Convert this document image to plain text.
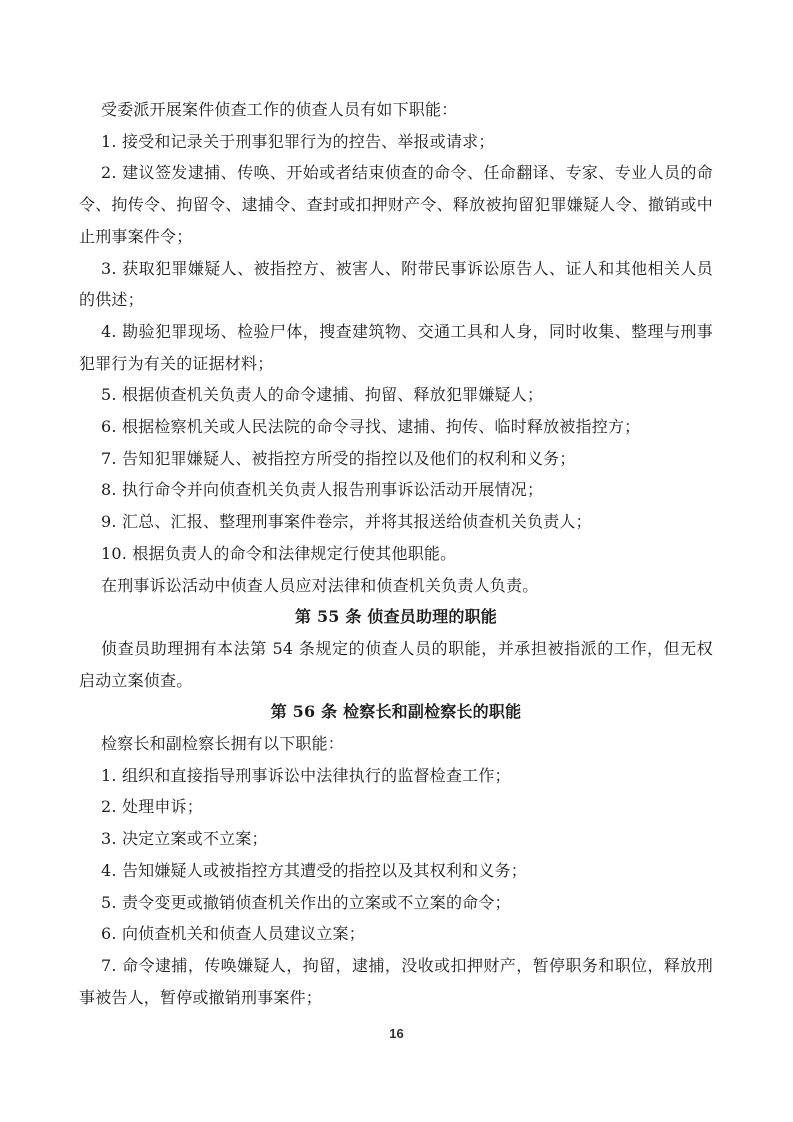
受委派开展案件侦查工作的侦查人员有如下职能：

1. 接受和记录关于刑事犯罪行为的控告、举报或请求；

2. 建议签发逮捕、传唤、开始或者结束侦查的命令、任命翻译、专家、专业人员的命令、拘传令、拘留令、逮捕令、查封或扣押财产令、释放被拘留犯罪嫌疑人令、撤销或中止刑事案件令；

3. 获取犯罪嫌疑人、被指控方、被害人、附带民事诉讼原告人、证人和其他相关人员的供述；

4. 勘验犯罪现场、检验尸体，搜查建筑物、交通工具和人身，同时收集、整理与刑事犯罪行为有关的证据材料；

5. 根据侦查机关负责人的命令逮捕、拘留、释放犯罪嫌疑人；

6. 根据检察机关或人民法院的命令寻找、逮捕、拘传、临时释放被指控方；

7. 告知犯罪嫌疑人、被指控方所受的指控以及他们的权利和义务；

8. 执行命令并向侦查机关负责人报告刑事诉讼活动开展情况；

9. 汇总、汇报、整理刑事案件卷宗，并将其报送给侦查机关负责人；

10. 根据负责人的命令和法律规定行使其他职能。

在刑事诉讼活动中侦查人员应对法律和侦查机关负责人负责。

第 55 条 侦查员助理的职能

侦查员助理拥有本法第 54 条规定的侦查人员的职能，并承担被指派的工作，但无权启动立案侦查。

第 56 条 检察长和副检察长的职能

检察长和副检察长拥有以下职能：

1. 组织和直接指导刑事诉讼中法律执行的监督检查工作；

2. 处理申诉；

3. 决定立案或不立案；

4. 告知嫌疑人或被指控方其遭受的指控以及其权利和义务；

5. 责令变更或撤销侦查机关作出的立案或不立案的命令；

6. 向侦查机关和侦查人员建议立案；

7. 命令逮捕，传唤嫌疑人，拘留，逮捕，没收或扣押财产，暂停职务和职位，释放刑事被告人，暂停或撤销刑事案件；

16
